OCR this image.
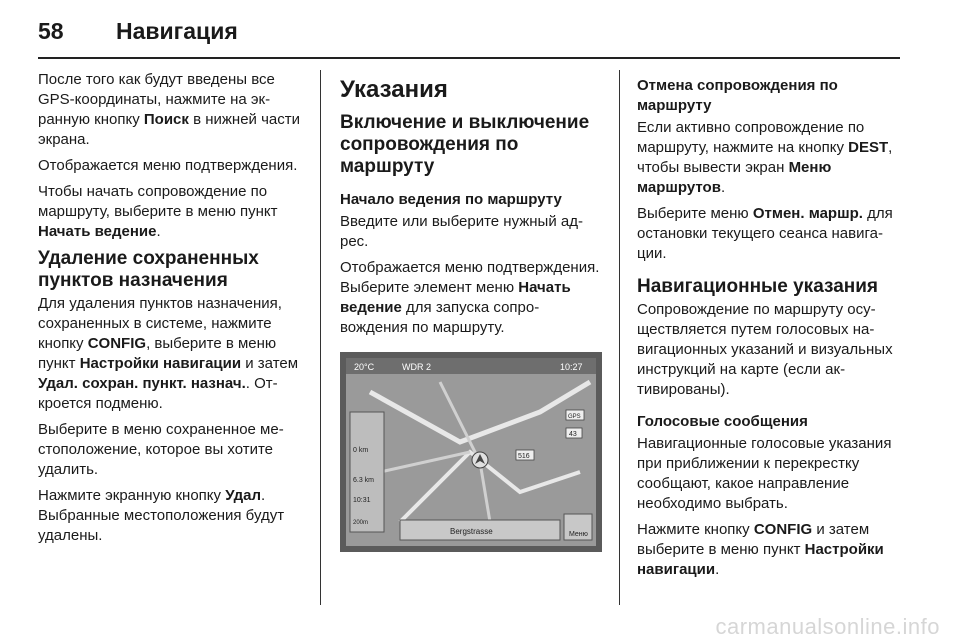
58 Навигация

После того как будут введены все GPS-координаты, нажмите на экранную кнопку Поиск в нижней части экрана.

Отображается меню подтверждения.

Чтобы начать сопровождение по маршруту, выберите в меню пункт Начать ведение.

Удаление сохраненных пунктов назначения

Для удаления пунктов назначения, сохраненных в системе, нажмите кнопку CONFIG, выберите в меню пункт Настройки навигации и затем Удал. сохран. пункт. назнач.. Откроется подменю.

Выберите в меню сохраненное местоположение, которое вы хотите удалить.

Нажмите экранную кнопку Удал. Выбранные местоположения будут удалены.

Указания
Включение и выключение сопровождения по маршруту
Начало ведения по маршруту

Введите или выберите нужный адрес.

Отображается меню подтверждения. Выберите элемент меню Начать ведение для запуска сопровождения по маршруту.

20°C	WDR 2	10:27
0 km
6.3 km
10:31
200m
516
43
GPS
Bergstrasse	Меню
Отмена сопровождения по маршруту

Если активно сопровождение по маршруту, нажмите на кнопку DEST, чтобы вывести экран Меню маршрутов.

Выберите меню Отмен. маршр. для остановки текущего сеанса навигации.

Навигационные указания

Сопровождение по маршруту осуществляется путем голосовых навигационных указаний и визуальных инструкций на карте (если активированы).

Голосовые сообщения

Навигационные голосовые указания при приближении к перекрестку сообщают, какое направление необходимо выбрать.

Нажмите кнопку CONFIG и затем выберите в меню пункт Настройки навигации.

carmanualsonline.info
